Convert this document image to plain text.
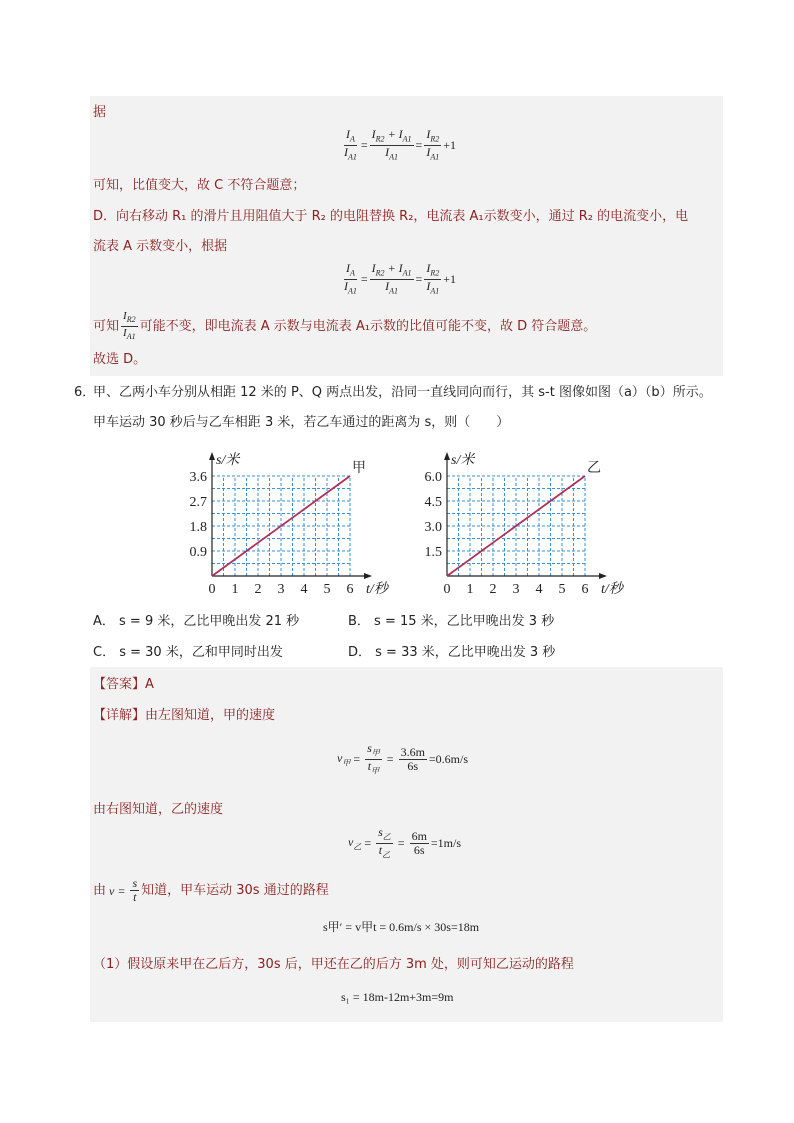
据
$\frac{I_A}{I_{A1}} = \frac{I_{R2} + I_{A1}}{I_{A1}} = \frac{I_{R2}}{I_{A1}} +1$
可知，比值变大，故 C 不符合题意；
D．向右移动 R₁ 的滑片且用阻值大于 R₂ 的电阻替换 R₂，电流表 A₁示数变小，通过 R₂ 的电流变小，电
流表 A 示数变小，根据
$\frac{I_A}{I_{A1}} = \frac{I_{R2} + I_{A1}}{I_{A1}} = \frac{I_{R2}}{I_{A1}} +1$
可知 $\frac{I_{R2}}{I_{A1}}$ 可能不变，即电流表 A 示数与电流表 A₁示数的比值可能不变，故 D 符合题意。
故选 D。
6．
甲、乙两小车分别从相距 12 米的 P、Q 两点出发，沿同一直线同向而行，其 s-t 图像如图（a）（b）所示。
甲车运动 30 秒后与乙车相距 3 米，若乙车通过的距离为 s，则（　　）
0 1 2 3 4 5 6
0.9
1.8
2.7
3.6
s/米
t/秒
甲
0 1 2 3 4 5 6
1.5
3.0
4.5
6.0
s/米
t/秒
乙
A． s = 9 米，乙比甲晚出发 21 秒	B． s = 15 米，乙比甲晚出发 3 秒
C． s = 30 米，乙和甲同时出发	D． s = 33 米，乙比甲晚出发 3 秒
【答案】A
【详解】由左图知道，甲的速度
$v_甲 = \frac{s_甲}{t_甲} = \frac{3.6m}{6s} =0.6m/s$
由右图知道，乙的速度
$v_乙 = \frac{s_乙}{t_乙} = \frac{6m}{6s} =1m/s$
由 $v = \frac{s}{t}$ 知道，甲车运动 30s 通过的路程
s甲′ = v甲t = 0.6m/s × 30s=18m
（1）假设原来甲在乙后方，30s 后，甲还在乙的后方 3m 处，则可知乙运动的路程
s₁ = 18m-12m+3m=9m
